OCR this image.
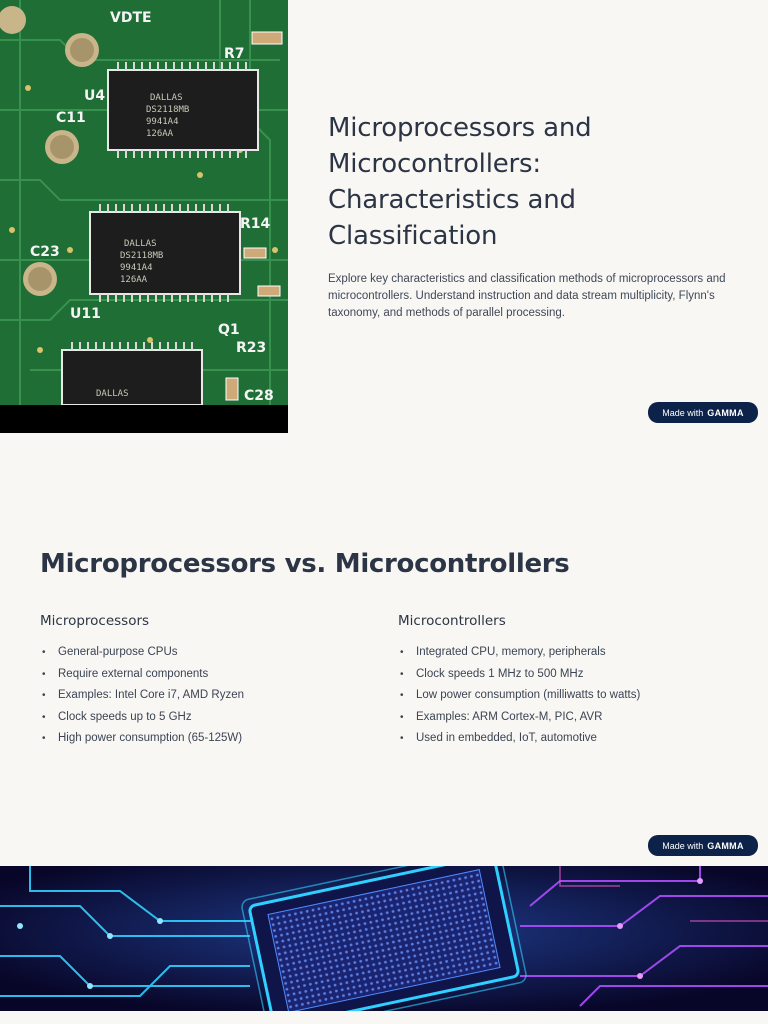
DALLAS
DS2118MB
9941A4
126AA
DALLAS
DS2118MB
9941A4
126AA
DALLAS
U4
C11
C23
U11
R7
R14
R23
Q1
C28
VDTE
Microprocessors and Microcontrollers: Characteristics and Classification

Explore key characteristics and classification methods of microprocessors and microcontrollers. Understand instruction and data stream multiplicity, Flynn's taxonomy, and methods of parallel processing.

Made with GAMMA
Microprocessors vs. Microcontrollers
Microprocessors
• General-purpose CPUs
• Require external components
• Examples: Intel Core i7, AMD Ryzen
• Clock speeds up to 5 GHz
• High power consumption (65-125W)
Microcontrollers
• Integrated CPU, memory, peripherals
• Clock speeds 1 MHz to 500 MHz
• Low power consumption (milliwatts to watts)
• Examples: ARM Cortex-M, PIC, AVR
• Used in embedded, IoT, automotive
Made with GAMMA
